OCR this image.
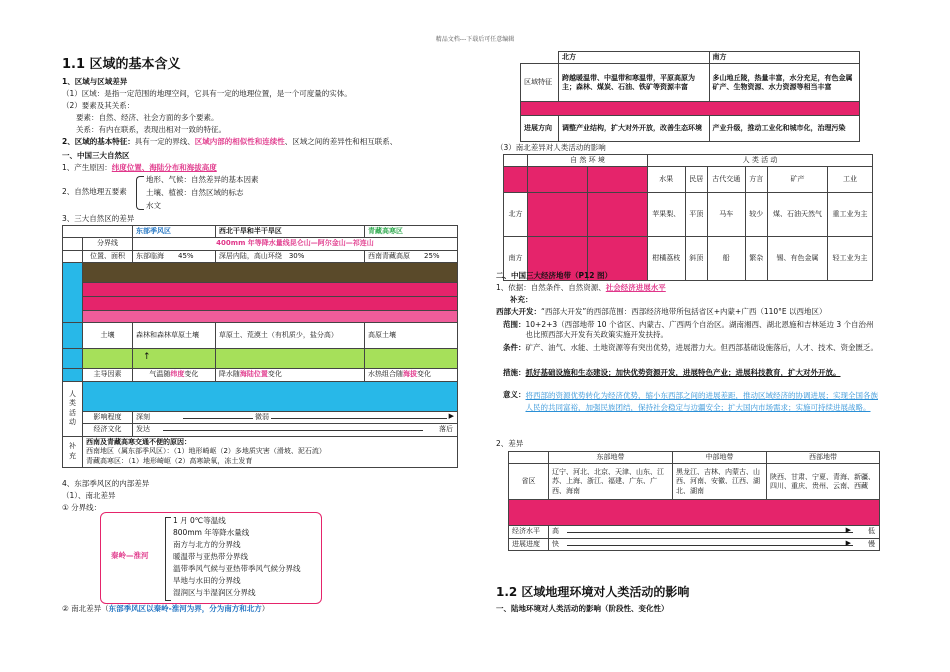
精品文档---下载后可任意编辑
1.1 区域的基本含义
1、区域与区域差异
（1）区域：是指一定范围的地理空间，它具有一定的地理位置，是一个可度量的实体。
（2）要素及其关系：
要素：自然、经济、社会方面的多个要素。
关系：有内在联系，表现出相对一致的特征。
2、区域的基本特征：具有一定的界线、区域内部的相似性和连续性、区域之间的差异性和相互联系、
一、中国三大自然区
1、产生原因：纬度位置、海陆分布和海拔高度
2、自然地理五要素
地形、气候：自然差异的基本因素
土壤、植被：自然区域的标志
水文
3、三大自然区的差异
		东部季风区	西北干旱和半干旱区	青藏高寒区
	分界线	400mm 年等降水量线昆仑山—阿尔金山—祁连山		
	位置、面积	东部临海　　45%	深居内陆，高山环绕　30%	西南青藏高原　　25%

	土壤	森林和森林草原土壤	草原土、荒漠土（有机质少，盐分高）	高原土壤

		↑		

	主导因素	气温随纬度变化	降水随海陆位置变化	水热组合随海拔变化
人类活动				
	影响程度	深刻 微弱 ▶		

	经济文化	发达 落后		

补充	西南及青藏高寒交通不便的原因：
西南地区（属东部季风区）：（1）地形崎岖（2）多地质灾害（滑坡、泥石流）
青藏高寒区：（1）地形崎岖（2）高寒缺氧，冻土发育			
4、东部季风区的内部差异
（1）、南北差异
① 分界线：
秦岭—淮河
1 月 0℃等温线
800mm 年等降水量线
南方与北方的分界线
暖温带与亚热带分界线
温带季风气候与亚热带季风气候分界线
旱地与水田的分界线
湿润区与半湿润区分界线
② 南北差异（东部季风区以秦岭-淮河为界，分为南方和北方）
	北方	南方
区域特征	跨越暖温带、中温带和寒温带，平原高原为主；森林、煤炭、石油、铁矿等资源丰富	多山地丘陵，热量丰富，水分充足，有色金属矿产、生物资源、水力资源等相当丰富

进展方向	调整产业结构，扩大对外开放，改善生态环境	产业升级，推动工业化和城市化，治理污染
（3）南北差异对人类活动的影响
	自 然 环 境		人 类 活 动					
			水果	民居	古代交通	方言	矿产	工业
北方			苹果梨、	平顶	马车	较少	煤、石油天然气	重工业为主
南方			柑橘荔枝	斜顶	船	繁杂	锡、有色金属	轻工业为主
二、中国三大经济地带（P12 图）
1、依据：自然条件、自然资源、社会经济进展水平
补充：
西部大开发：“西部大开发”的西部范围：西部经济地带所包括省区+内蒙+广西（110°E 以西地区）
范围： 10+2+3（西部地带 10 个省区、内蒙古、广西两个自治区。湖南湘西、湖北恩施和吉林延边 3 个自治州也比照西部大开发有关政策实施开发扶持。
条件： 矿产、油气、水能、土地资源等有突出优势，进展潜力大。但西部基础设施落后，人才、技术、资金匮乏。
措施： 抓好基础设施和生态建设；加快优势资源开发，进展特色产业；进展科技教育，扩大对外开放。
意义： 将西部的资源优势转化为经济优势，缩小东西部之间的进展差距，推动区域经济的协调进展；实现全国各族人民的共同富裕，加强民族团结，保持社会稳定与边疆安全；扩大国内市场需求；实施可持续进展战略。
2、差异
	东部地带	中部地带	西部地带
省区	辽宁、河北、北京、天津、山东、江苏、上海、浙江、福建、广东、广西、海南	黑龙江、吉林、内蒙古、山西、河南、安徽、江西、湖北、湖南	陕西、甘肃、宁夏、青海、新疆、四川、重庆、贵州、云南、西藏

经济水平	高 ▶ 低		

进展进度	快 ▶ 慢		
1.2 区域地理环境对人类活动的影响
一、陆地环境对人类活动的影响（阶段性、变化性）
